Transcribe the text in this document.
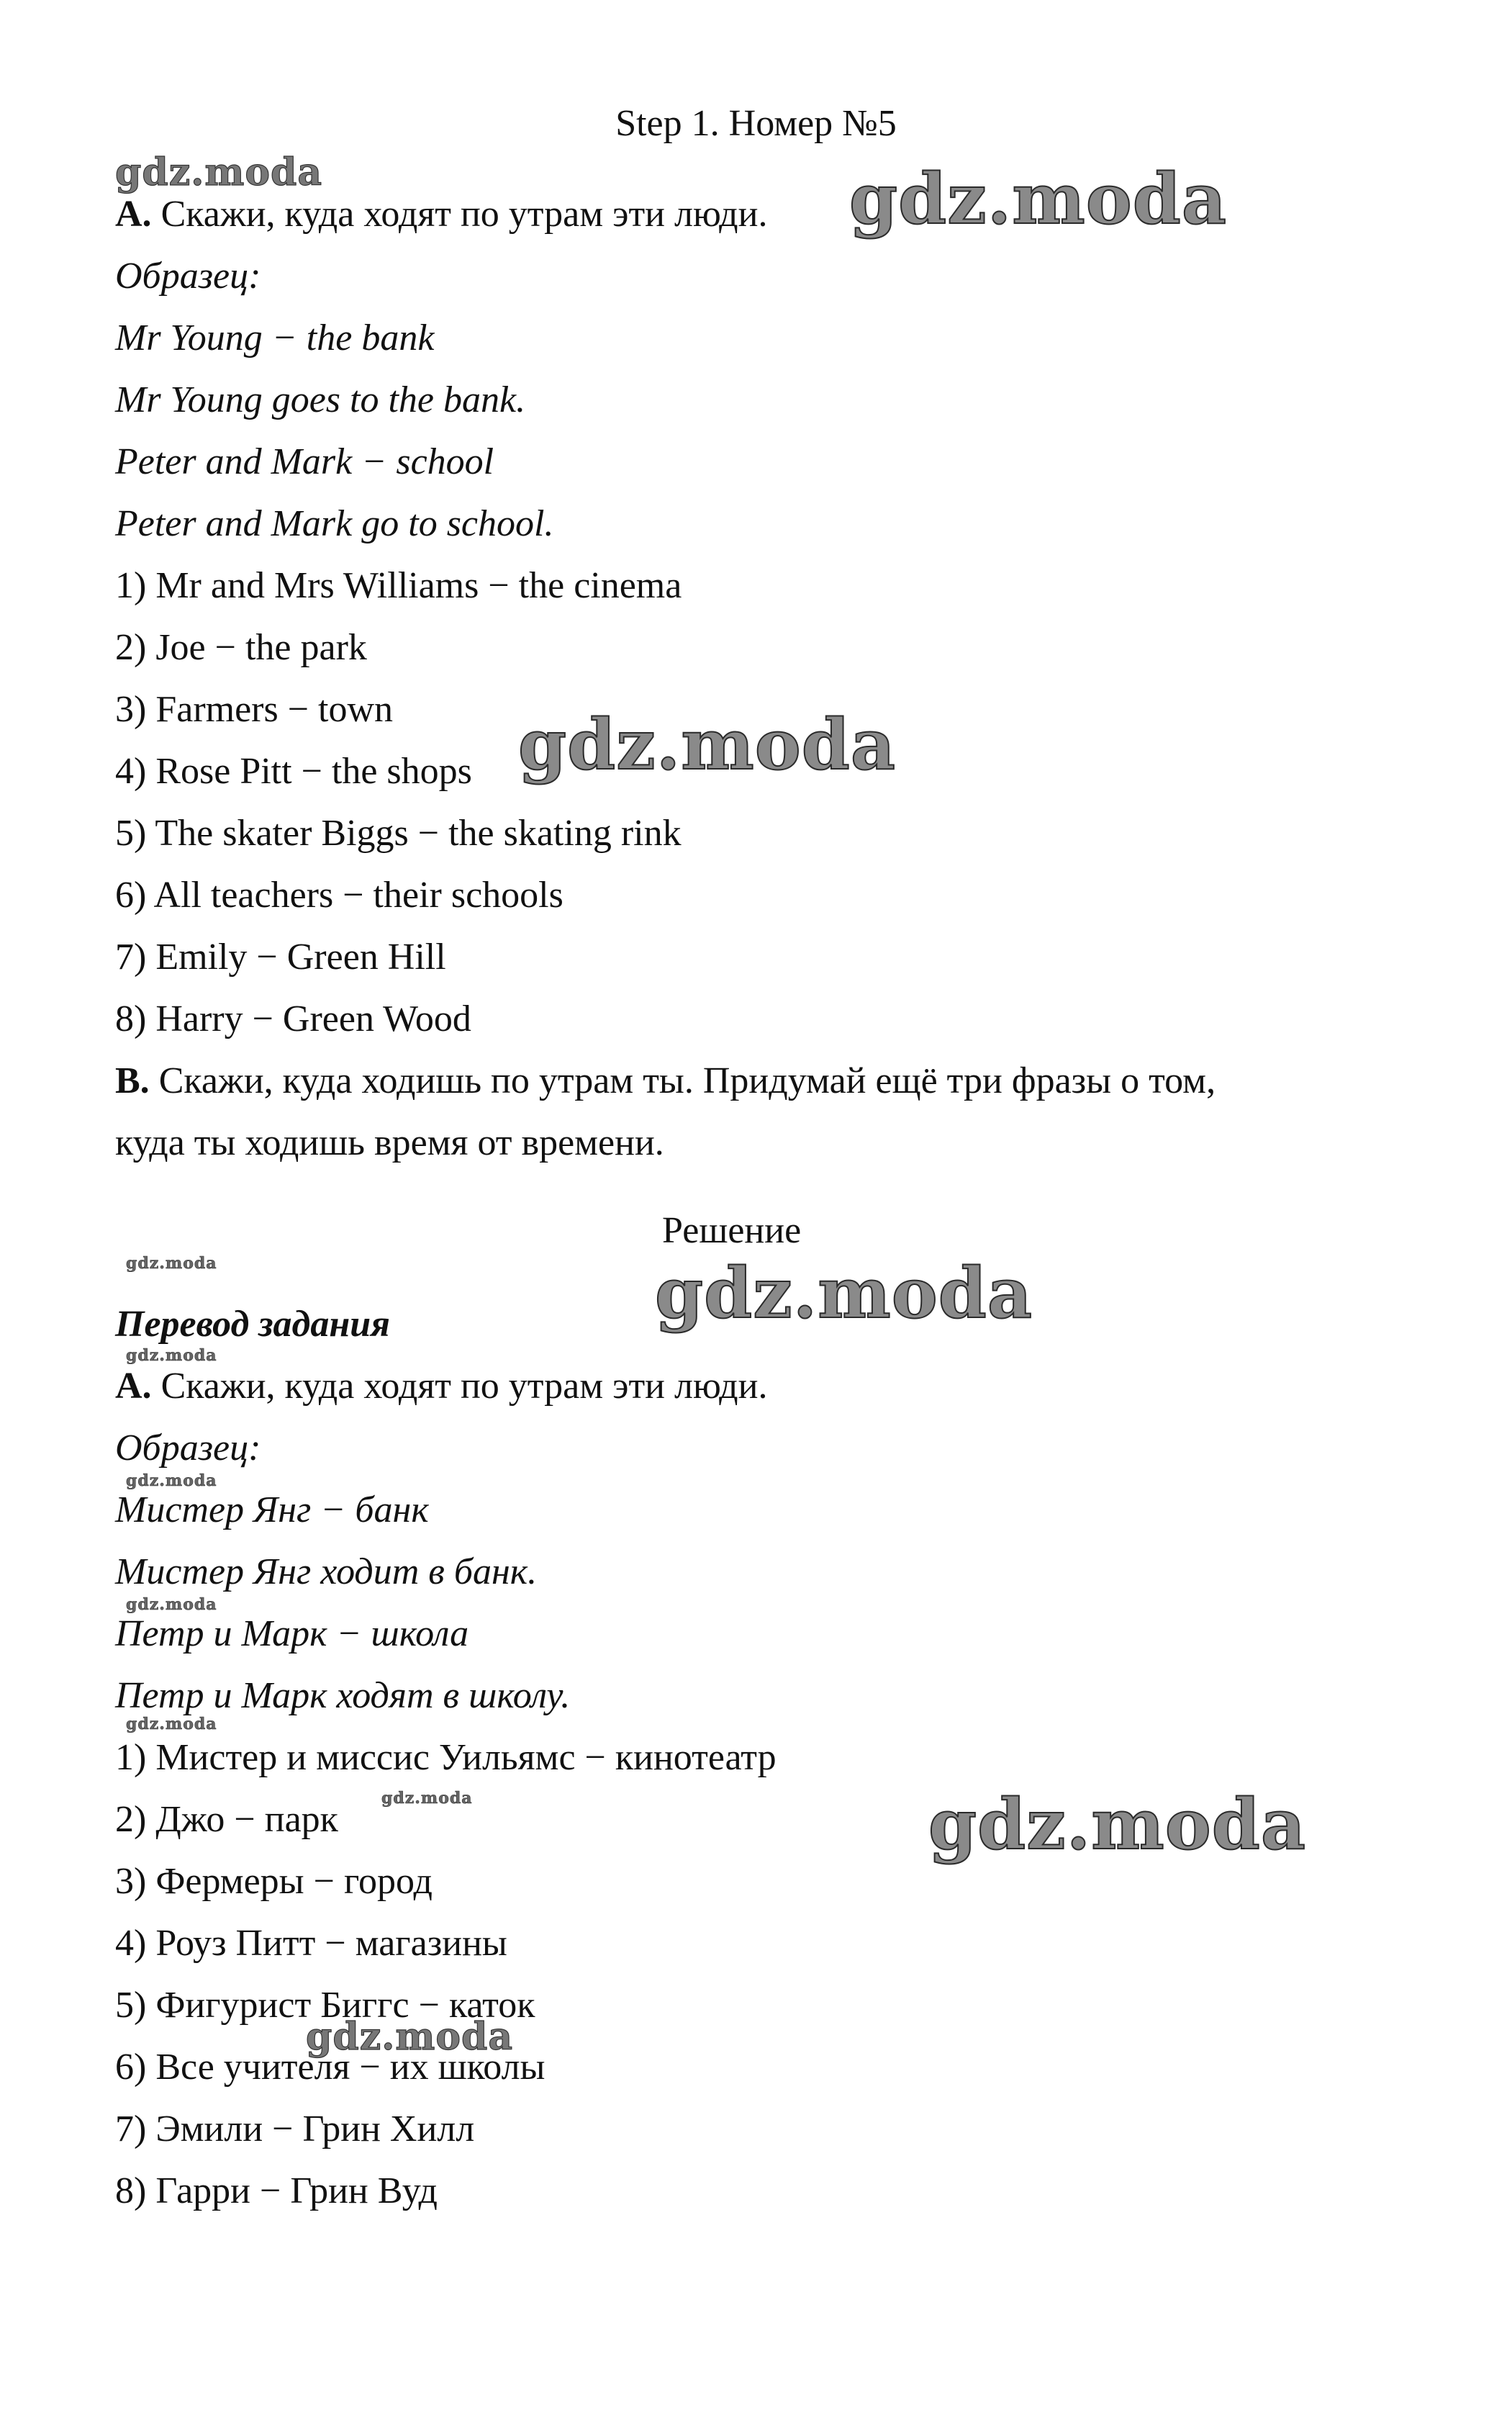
Step 1. Номер №5
A. Скажи, куда ходят по утрам эти люди.
Образец:
Mr Young − the bank
Mr Young goes to the bank.
Peter and Mark − school
Peter and Mark go to school.
1) Mr and Mrs Williams − the cinema
2) Joe − the park
3) Farmers − town
4) Rose Pitt − the shops
5) The skater Biggs − the skating rink
6) All teachers − their schools
7) Emily − Green Hill
8) Harry − Green Wood
B. Скажи, куда ходишь по утрам ты. Придумай ещё три фразы о том,
куда ты ходишь время от времени.
Решение
Перевод задания
A. Скажи, куда ходят по утрам эти люди.
Образец:
Мистер Янг − банк
Мистер Янг ходит в банк.
Петр и Марк − школа
Петр и Марк ходят в школу.
1) Мистер и миссис Уильямс − кинотеатр
2) Джо − парк
3) Фермеры − город
4) Роуз Питт − магазины
5) Фигурист Биггс − каток
6) Все учителя − их школы
7) Эмили − Грин Хилл
8) Гарри − Грин Вуд
gdz.moda	gdz.moda
gdz.moda
gdz.moda	gdz.moda
gdz.moda
gdz.moda
gdz.moda
gdz.moda
gdz.moda	gdz.moda
gdz.moda
